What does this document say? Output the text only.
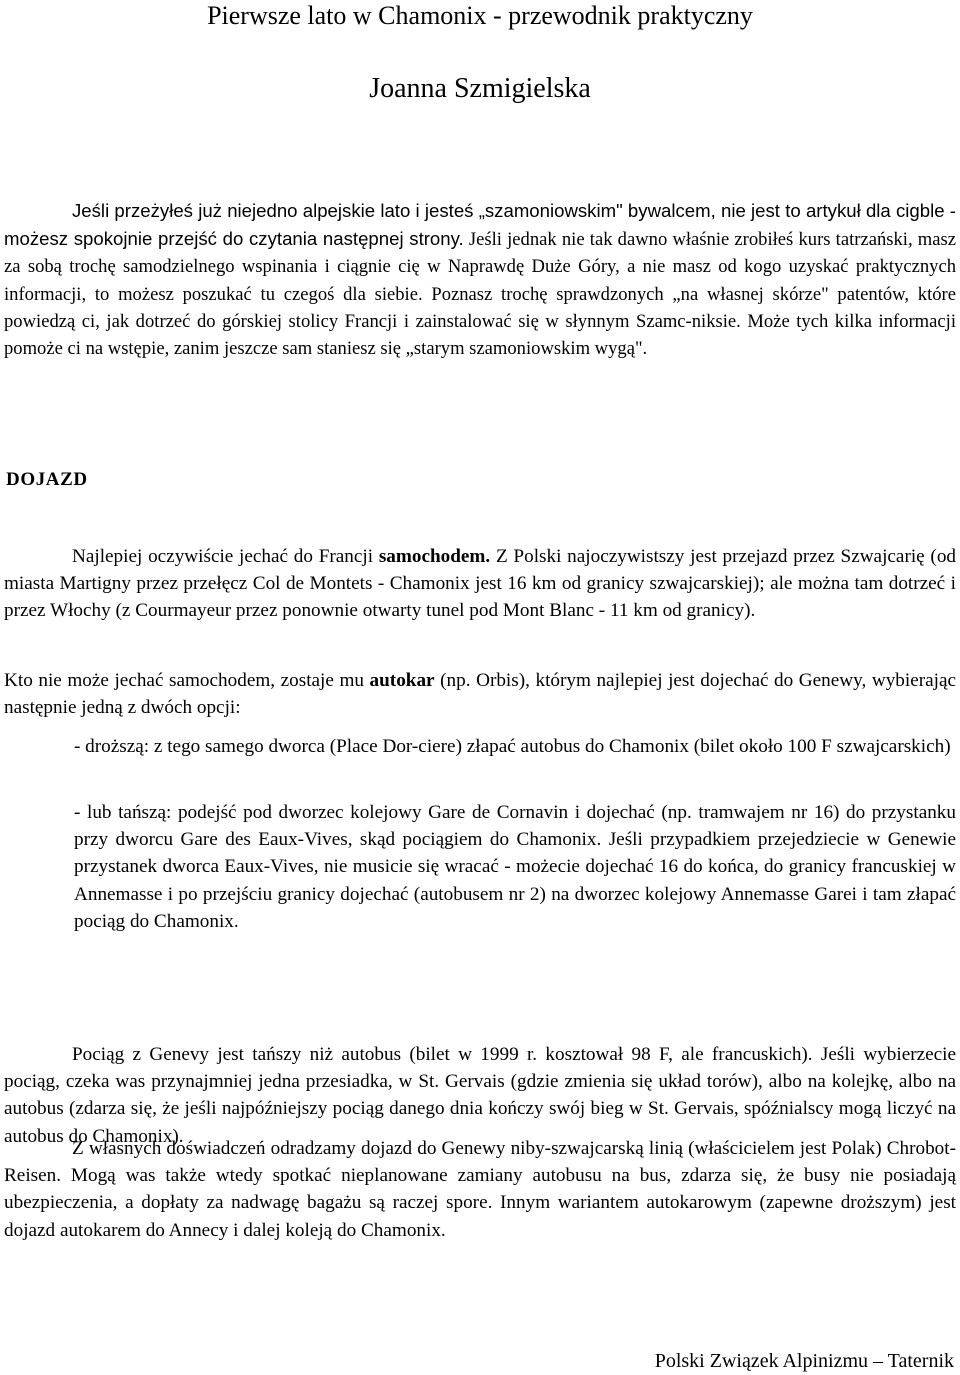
Pierwsze lato w Chamonix - przewodnik praktyczny
Joanna Szmigielska

Jeśli przeżyłeś już niejedno alpejskie lato i jesteś „szamoniowskim" bywalcem, nie jest to artykuł dla cigble - możesz spokojnie przejść do czytania następnej strony. Jeśli jednak nie tak dawno właśnie zrobiłeś kurs tatrzański, masz za sobą trochę samodzielnego wspinania i ciągnie cię w Naprawdę Duże Góry, a nie masz od kogo uzyskać praktycznych informacji, to możesz poszukać tu czegoś dla siebie. Poznasz trochę sprawdzonych „na własnej skórze" patentów, które powiedzą ci, jak dotrzeć do górskiej stolicy Francji i zainstalować się w słynnym Szamc-niksie. Może tych kilka informacji pomoże ci na wstępie, zanim jeszcze sam staniesz się „starym szamoniowskim wygą".

DOJAZD

Najlepiej oczywiście jechać do Francji samochodem. Z Polski najoczywistszy jest przejazd przez Szwajcarię (od miasta Martigny przez przełęcz Col de Montets - Chamonix jest 16 km od granicy szwajcarskiej); ale można tam dotrzeć i przez Włochy (z Courmayeur przez ponownie otwarty tunel pod Mont Blanc - 11 km od granicy).

Kto nie może jechać samochodem, zostaje mu autokar (np. Orbis), którym najlepiej jest dojechać do Genewy, wybierając następnie jedną z dwóch opcji:

- droższą: z tego samego dworca (Place Dor-ciere) złapać autobus do Chamonix (bilet około 100 F szwajcarskich)

- lub tańszą: podejść pod dworzec kolejowy Gare de Cornavin i dojechać (np. tramwajem nr 16) do przystanku przy dworcu Gare des Eaux-Vives, skąd pociągiem do Chamonix. Jeśli przypadkiem przejedziecie w Genewie przystanek dworca Eaux-Vives, nie musicie się wracać - możecie dojechać 16 do końca, do granicy francuskiej w Annemasse i po przejściu granicy dojechać (autobusem nr 2) na dworzec kolejowy Annemasse Garei i tam złapać pociąg do Chamonix.

Pociąg z Genevy jest tańszy niż autobus (bilet w 1999 r. kosztował 98 F, ale francuskich). Jeśli wybierzecie pociąg, czeka was przynajmniej jedna przesiadka, w St. Gervais (gdzie zmienia się układ torów), albo na kolejkę, albo na autobus (zdarza się, że jeśli najpóźniejszy pociąg danego dnia kończy swój bieg w St. Gervais, spóźnialscy mogą liczyć na autobus do Chamonix).

Z własnych doświadczeń odradzamy dojazd do Genewy niby-szwajcarską linią (właścicielem jest Polak) Chrobot-Reisen. Mogą was także wtedy spotkać nieplanowane zamiany autobusu na bus, zdarza się, że busy nie posiadają ubezpieczenia, a dopłaty za nadwagę bagażu są raczej spore. Innym wariantem autokarowym (zapewne droższym) jest dojazd autokarem do Annecy i dalej koleją do Chamonix.

Polski Związek Alpinizmu – Taternik
